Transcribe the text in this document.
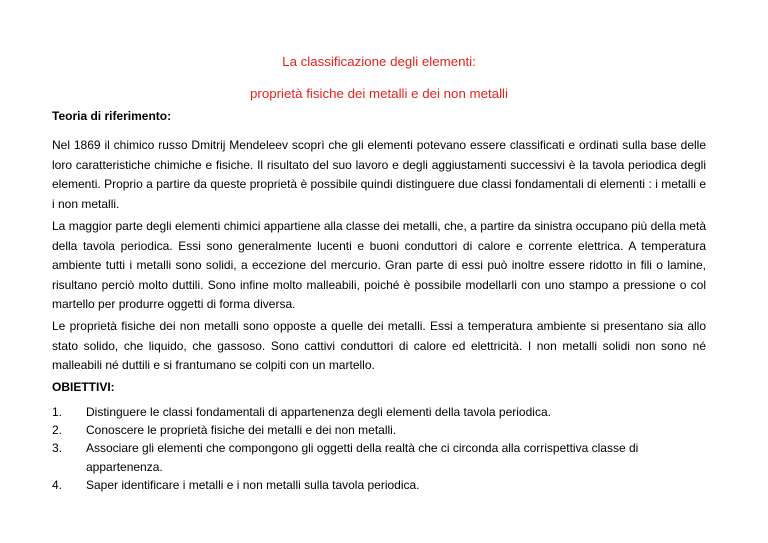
La classificazione degli elementi:

proprietà fisiche dei metalli e dei non metalli

Teoria di riferimento:

Nel 1869 il chimico russo Dmitrij Mendeleev scoprì che gli elementi potevano essere classificati e ordinati sulla base delle loro caratteristiche chimiche e fisiche. Il risultato del suo lavoro e degli aggiustamenti successivi è la tavola periodica degli elementi. Proprio a partire da queste proprietà è possibile quindi distinguere due classi fondamentali di elementi : i metalli e i non metalli.

La maggior parte degli elementi chimici appartiene alla classe dei metalli, che, a partire da sinistra occupano più della metà della tavola periodica. Essi sono generalmente lucenti e buoni conduttori di calore e corrente elettrica. A temperatura ambiente tutti i metalli sono solidi, a eccezione del mercurio. Gran parte di essi può inoltre essere ridotto in fili o lamine, risultano perciò molto duttili. Sono infine molto malleabili, poiché è possibile modellarli con uno stampo a pressione o col martello per produrre oggetti di forma diversa.

Le proprietà fisiche dei non metalli sono opposte a quelle dei metalli. Essi a temperatura ambiente si presentano sia allo stato solido, che liquido, che gassoso. Sono cattivi conduttori di calore ed elettricità. I non metalli solidi non sono né malleabili né duttili e si frantumano se colpiti con un martello.

OBIETTIVI:

1.	Distinguere le classi fondamentali di appartenenza degli elementi della tavola periodica.
2.	Conoscere le proprietà fisiche dei metalli e dei non metalli.
3.	Associare gli elementi che compongono gli oggetti della realtà che ci circonda alla corrispettiva classe di appartenenza.
4.	Saper identificare i metalli e i non metalli sulla tavola periodica.
